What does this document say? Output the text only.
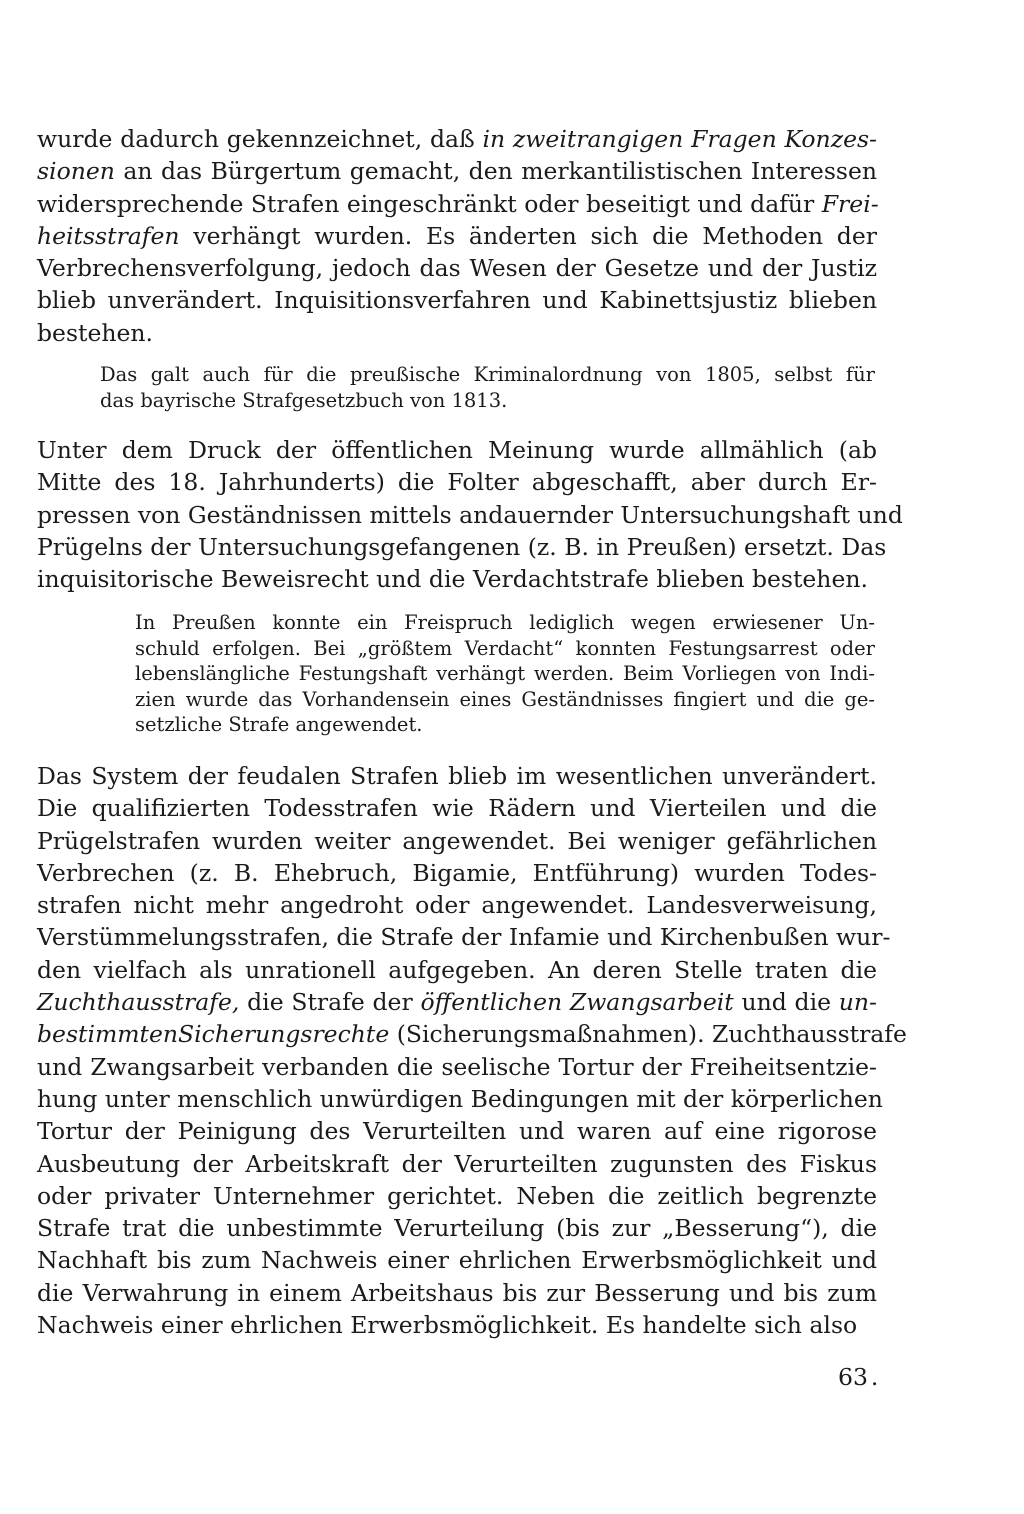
wurde dadurch gekennzeichnet, daß in zweitrangigen Fragen Konzes-
sionen an das Bürgertum gemacht, den merkantilistischen Interessen
widersprechende Strafen eingeschränkt oder beseitigt und dafür Frei-
heitsstrafen verhängt wurden. Es änderten sich die Methoden der
Verbrechensverfolgung, jedoch das Wesen der Gesetze und der Justiz
blieb unverändert. Inquisitionsverfahren und Kabinettsjustiz blieben
bestehen.
Das galt auch für die preußische Kriminalordnung von 1805, selbst für
das bayrische Strafgesetzbuch von 1813.
Unter dem Druck der öffentlichen Meinung wurde allmählich (ab
Mitte des 18. Jahrhunderts) die Folter abgeschafft, aber durch Er-
pressen von Geständnissen mittels andauernder Untersuchungshaft und
Prügelns der Untersuchungsgefangenen (z. B. in Preußen) ersetzt. Das
inquisitorische Beweisrecht und die Verdachtstrafe blieben bestehen.
In Preußen konnte ein Freispruch lediglich wegen erwiesener Un-
schuld erfolgen. Bei „größtem Verdacht“ konnten Festungsarrest oder
lebenslängliche Festungshaft verhängt werden. Beim Vorliegen von Indi-
zien wurde das Vorhandensein eines Geständnisses fingiert und die ge-
setzliche Strafe angewendet.
Das System der feudalen Strafen blieb im wesentlichen unverändert.
Die qualifizierten Todesstrafen wie Rädern und Vierteilen und die
Prügelstrafen wurden weiter angewendet. Bei weniger gefährlichen
Verbrechen (z. B. Ehebruch, Bigamie, Entführung) wurden Todes-
strafen nicht mehr angedroht oder angewendet. Landesverweisung,
Verstümmelungsstrafen, die Strafe der Infamie und Kirchenbußen wur-
den vielfach als unrationell aufgegeben. An deren Stelle traten die
Zuchthausstrafe, die Strafe der öffentlichen Zwangsarbeit und die un-
bestimmtenSicherungsrechte (Sicherungsmaßnahmen). Zuchthausstrafe
und Zwangsarbeit verbanden die seelische Tortur der Freiheitsentzie-
hung unter menschlich unwürdigen Bedingungen mit der körperlichen
Tortur der Peinigung des Verurteilten und waren auf eine rigorose
Ausbeutung der Arbeitskraft der Verurteilten zugunsten des Fiskus
oder privater Unternehmer gerichtet. Neben die zeitlich begrenzte
Strafe trat die unbestimmte Verurteilung (bis zur „Besserung“), die
Nachhaft bis zum Nachweis einer ehrlichen Erwerbsmöglichkeit und
die Verwahrung in einem Arbeitshaus bis zur Besserung und bis zum
Nachweis einer ehrlichen Erwerbsmöglichkeit. Es handelte sich also
63 .
